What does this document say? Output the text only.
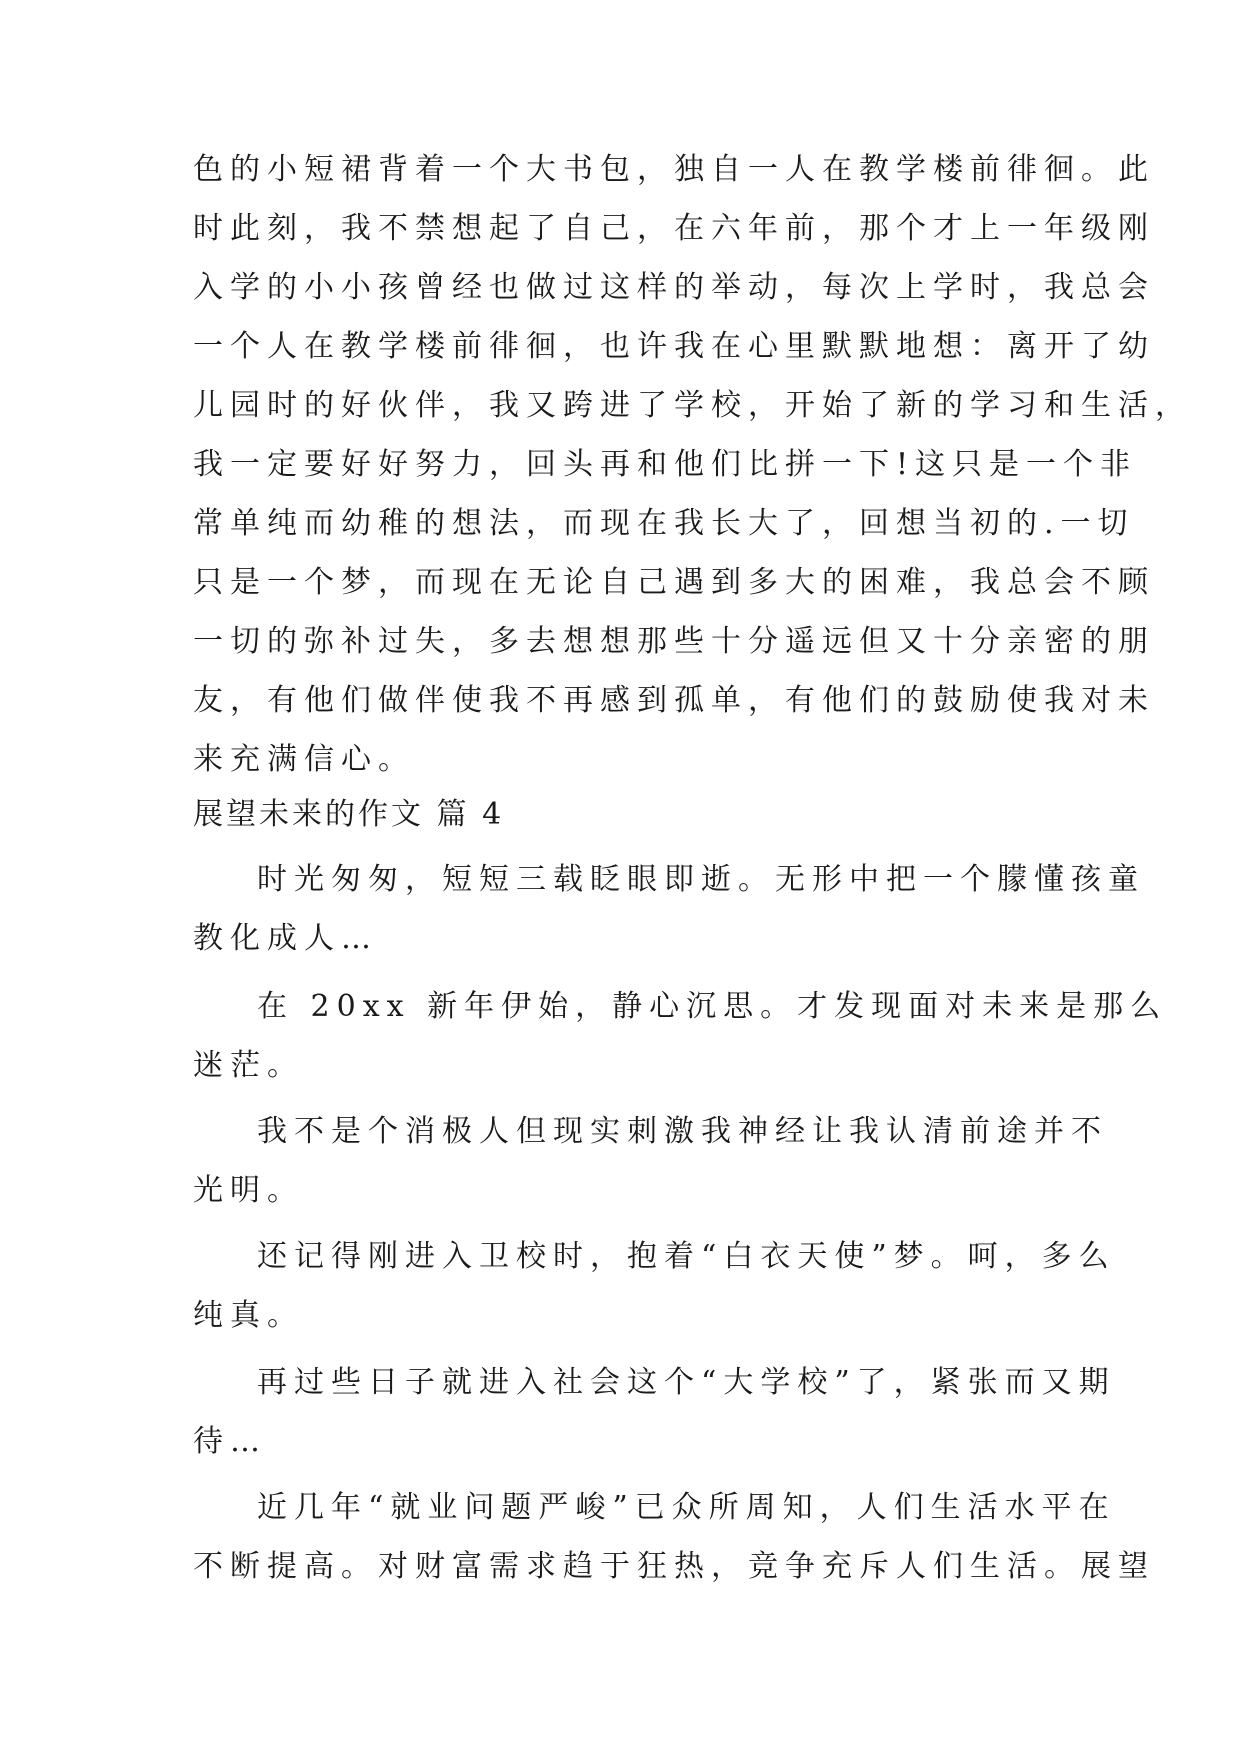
色的小短裙背着一个大书包，独自一人在教学楼前徘徊。此
时此刻，我不禁想起了自己，在六年前，那个才上一年级刚
入学的小小孩曾经也做过这样的举动，每次上学时，我总会
一个人在教学楼前徘徊，也许我在心里默默地想：离开了幼
儿园时的好伙伴，我又跨进了学校，开始了新的学习和生活，
我一定要好好努力，回头再和他们比拼一下!这只是一个非
常单纯而幼稚的想法，而现在我长大了，回想当初的.一切
只是一个梦，而现在无论自己遇到多大的困难，我总会不顾
一切的弥补过失，多去想想那些十分遥远但又十分亲密的朋
友，有他们做伴使我不再感到孤单，有他们的鼓励使我对未
来充满信心。
展望未来的作文 篇 4
时光匆匆，短短三载眨眼即逝。无形中把一个朦懂孩童
教化成人…
在 20xx 新年伊始，静心沉思。才发现面对未来是那么
迷茫。
我不是个消极人但现实刺激我神经让我认清前途并不
光明。
还记得刚进入卫校时，抱着“白衣天使”梦。呵，多么
纯真。
再过些日子就进入社会这个“大学校”了，紧张而又期
待…
近几年“就业问题严峻”已众所周知，人们生活水平在
不断提高。对财富需求趋于狂热，竞争充斥人们生活。展望
